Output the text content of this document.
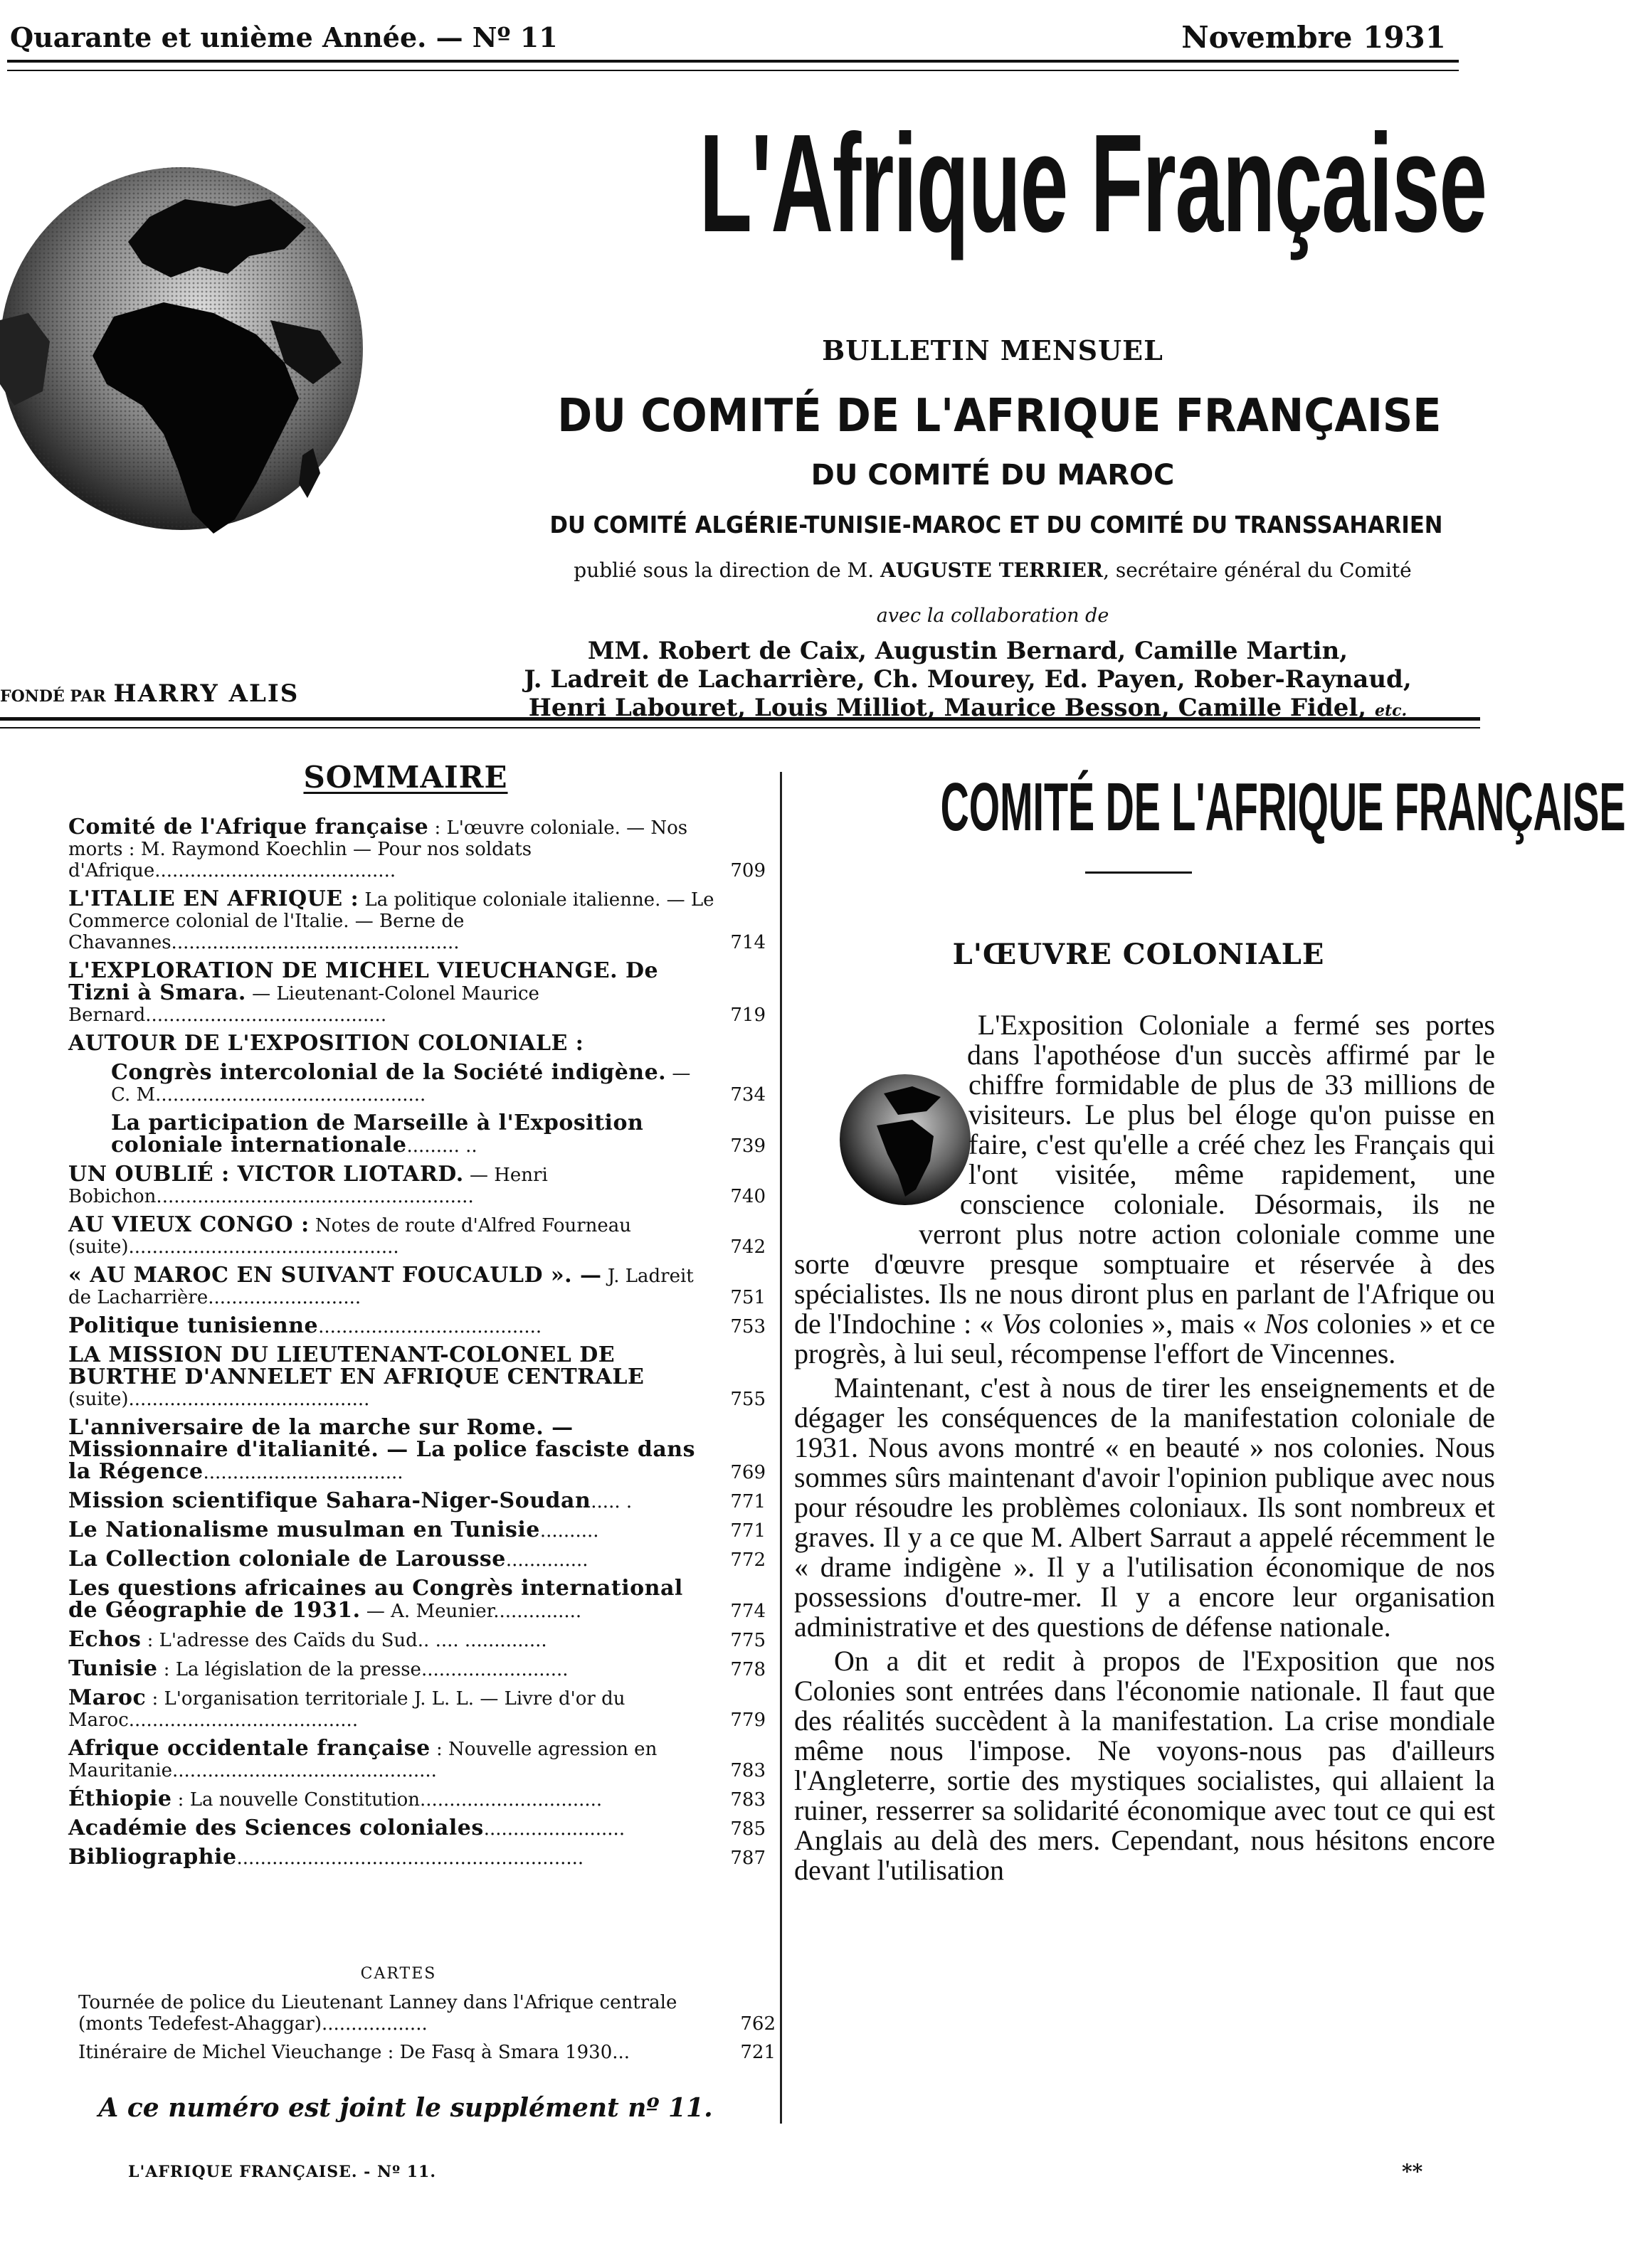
Quarante et unième Année. — Nº 11	Novembre 1931
L'Afrique Française
BULLETIN MENSUEL
DU COMITÉ DE L'AFRIQUE FRANÇAISE
DU COMITÉ DU MAROC
DU COMITÉ ALGÉRIE-TUNISIE-MAROC ET DU COMITÉ DU TRANSSAHARIEN
publié sous la direction de M. AUGUSTE TERRIER, secrétaire général du Comité
avec la collaboration de
MM. Robert de Caix, Augustin Bernard, Camille Martin,
J. Ladreit de Lacharrière, Ch. Mourey, Ed. Payen, Rober-Raynaud,
Henri Labouret, Louis Milliot, Maurice Besson, Camille Fidel, etc.
FONDÉ PAR HARRY ALIS
SOMMAIRE
Comité de l'Afrique française : L'œuvre coloniale. — Nos morts : M. Raymond Koechlin — Pour nos soldats d'Afrique.........................................	709
L'ITALIE EN AFRIQUE : La politique coloniale italienne. — Le Commerce colonial de l'Italie. — Berne de Chavannes.................................................	714
L'EXPLORATION DE MICHEL VIEUCHANGE. De Tizni à Smara. — Lieutenant-Colonel Maurice Bernard.........................................	719
AUTOUR DE L'EXPOSITION COLONIALE :
Congrès intercolonial de la Société indigène. — C. M..............................................	734
La participation de Marseille à l'Exposition coloniale internationale......... ..	739
UN OUBLIÉ : VICTOR LIOTARD. — Henri Bobichon......................................................	740
AU VIEUX CONGO : Notes de route d'Alfred Fourneau (suite)..............................................	742
« AU MAROC EN SUIVANT FOUCAULD ». — J. Ladreit de Lacharrière..........................	751
Politique tunisienne......................................	753
LA MISSION DU LIEUTENANT-COLONEL DE BURTHE D'ANNELET EN AFRIQUE CENTRALE (suite).........................................	755
L'anniversaire de la marche sur Rome. — Missionnaire d'italianité. — La police fasciste dans la Régence..................................	769
Mission scientifique Sahara-Niger-Soudan..... .	771
Le Nationalisme musulman en Tunisie..........	771
La Collection coloniale de Larousse..............	772
Les questions africaines au Congrès international de Géographie de 1931. — A. Meunier...............	774
Echos : L'adresse des Caïds du Sud.. .... ..............	775
Tunisie : La législation de la presse.........................	778
Maroc : L'organisation territoriale J. L. L. — Livre d'or du Maroc.......................................	779
Afrique occidentale française : Nouvelle agression en Mauritanie.............................................	783
Éthiopie : La nouvelle Constitution...............................	783
Académie des Sciences coloniales........................	785
Bibliographie...........................................................	787
CARTES
Tournée de police du Lieutenant Lanney dans l'Afrique centrale (monts Tedefest-Ahaggar)..................	762
Itinéraire de Michel Vieuchange : De Fasq à Smara 1930...	721
A ce numéro est joint le supplément nº 11.
COMITÉ DE L'AFRIQUE FRANÇAISE
L'ŒUVRE COLONIALE

L'Exposition Coloniale a fermé ses portes dans l'apothéose d'un succès affirmé par le chiffre formidable de plus de 33 millions de visiteurs. Le plus bel éloge qu'on puisse en faire, c'est qu'elle a créé chez les Français qui l'ont visitée, même rapidement, une conscience coloniale. Désormais, ils ne verront plus notre action coloniale comme une sorte d'œuvre presque somptuaire et réservée à des spécialistes. Ils ne nous diront plus en parlant de l'Afrique ou de l'Indochine : « Vos colonies », mais « Nos colonies » et ce progrès, à lui seul, récompense l'effort de Vincennes.

Maintenant, c'est à nous de tirer les enseignements et de dégager les conséquences de la manifestation coloniale de 1931. Nous avons montré « en beauté » nos colonies. Nous sommes sûrs maintenant d'avoir l'opinion publique avec nous pour résoudre les problèmes coloniaux. Ils sont nombreux et graves. Il y a ce que M. Albert Sarraut a appelé récemment le « drame indigène ». Il y a l'utilisation économique de nos possessions d'outre-mer. Il y a encore leur organisation administrative et des questions de défense nationale.

On a dit et redit à propos de l'Exposition que nos Colonies sont entrées dans l'économie nationale. Il faut que des réalités succèdent à la manifestation. La crise mondiale même nous l'impose. Ne voyons-nous pas d'ailleurs l'Angleterre, sortie des mystiques socialistes, qui allaient la ruiner, resserrer sa solidarité économique avec tout ce qui est Anglais au delà des mers. Cependant, nous hésitons encore devant l'utilisation

L'AFRIQUE FRANÇAISE. - Nº 11.	**
